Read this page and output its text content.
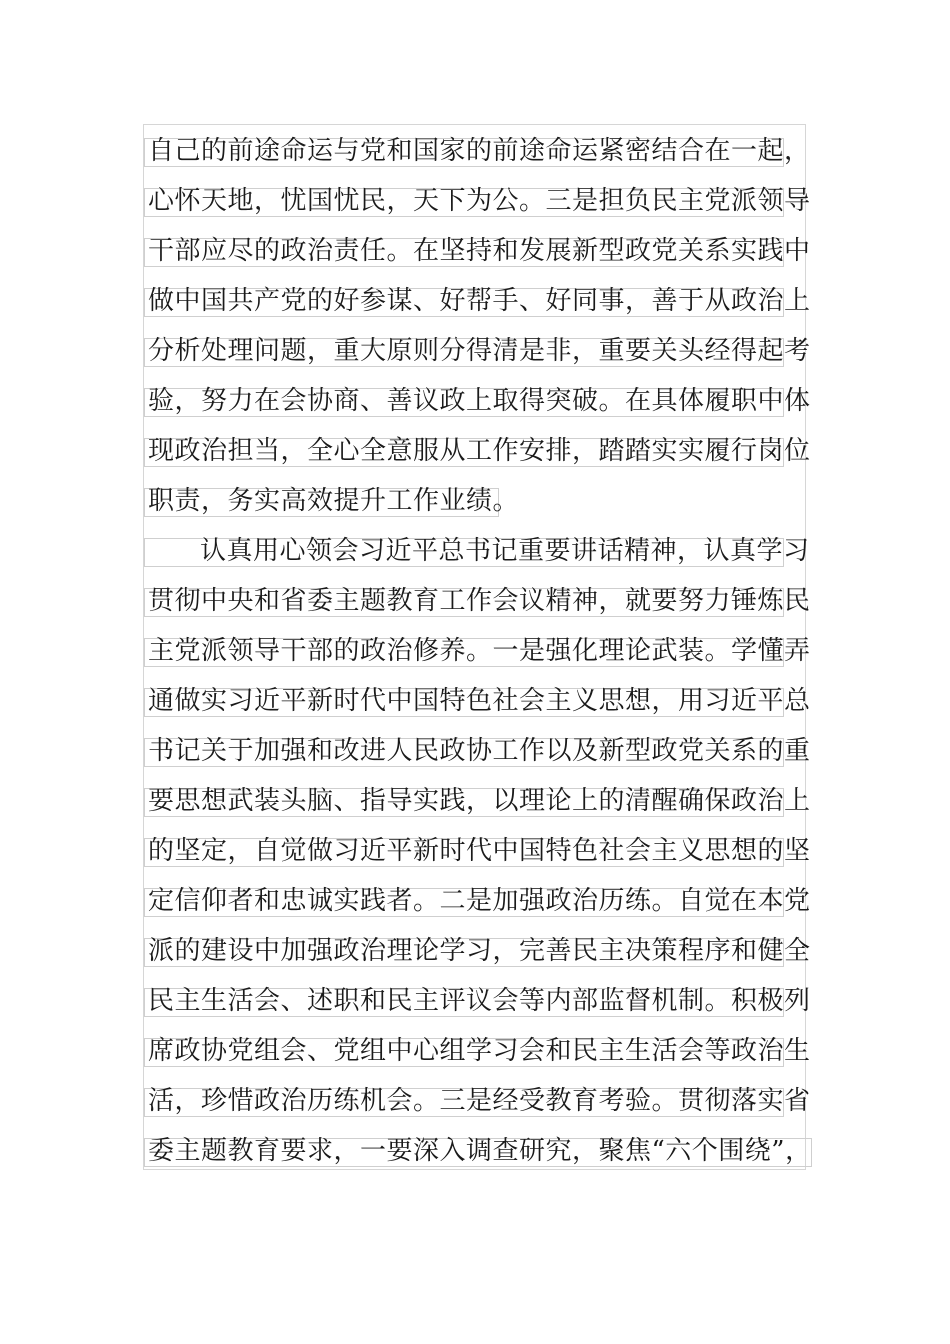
自己的前途命运与党和国家的前途命运紧密结合在一起，
心怀天地，忧国忧民，天下为公。三是担负民主党派领导
干部应尽的政治责任。在坚持和发展新型政党关系实践中
做中国共产党的好参谋、好帮手、好同事，善于从政治上
分析处理问题，重大原则分得清是非，重要关头经得起考
验，努力在会协商、善议政上取得突破。在具体履职中体
现政治担当，全心全意服从工作安排，踏踏实实履行岗位
职责，务实高效提升工作业绩。
认真用心领会习近平总书记重要讲话精神，认真学习
贯彻中央和省委主题教育工作会议精神，就要努力锤炼民
主党派领导干部的政治修养。一是强化理论武装。学懂弄
通做实习近平新时代中国特色社会主义思想，用习近平总
书记关于加强和改进人民政协工作以及新型政党关系的重
要思想武装头脑、指导实践，以理论上的清醒确保政治上
的坚定，自觉做习近平新时代中国特色社会主义思想的坚
定信仰者和忠诚实践者。二是加强政治历练。自觉在本党
派的建设中加强政治理论学习，完善民主决策程序和健全
民主生活会、述职和民主评议会等内部监督机制。积极列
席政协党组会、党组中心组学习会和民主生活会等政治生
活，珍惜政治历练机会。三是经受教育考验。贯彻落实省
委主题教育要求，一要深入调查研究，聚焦“六个围绕”，
